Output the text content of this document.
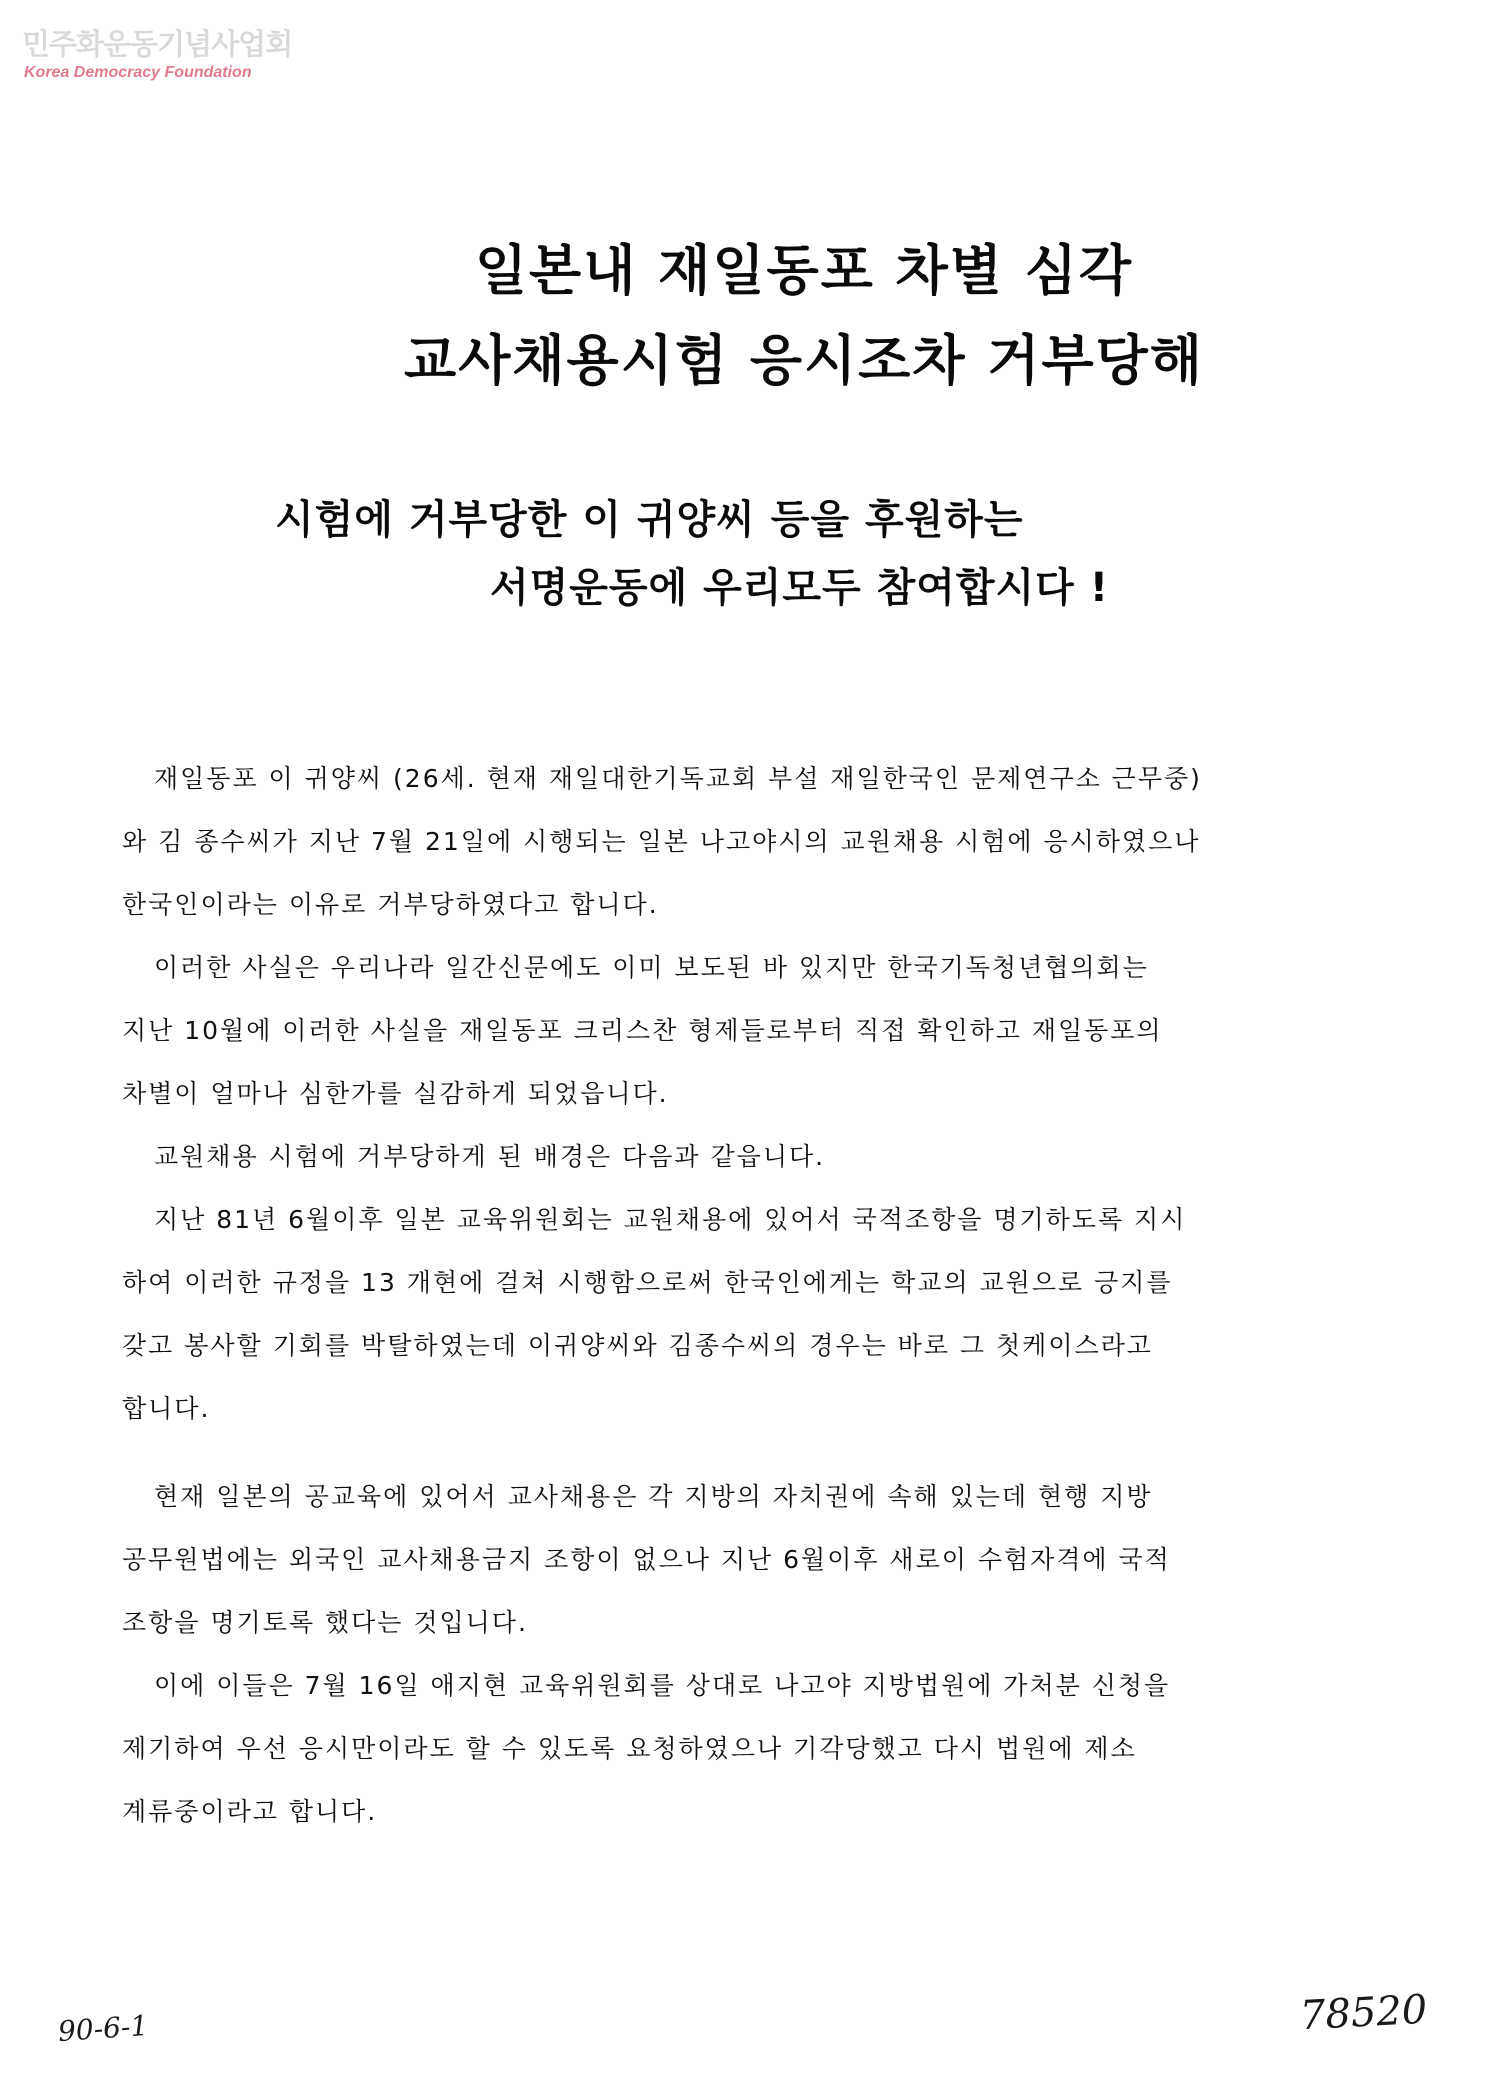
민주화운동기념사업회
Korea Democracy Foundation
일본내 재일동포 차별 심각
교사채용시험 응시조차 거부당해
시험에 거부당한 이 귀양씨 등을 후원하는
서명운동에 우리모두 참여합시다 !
재일동포 이 귀양씨 (26세. 현재 재일대한기독교회 부설 재일한국인 문제연구소 근무중)
와 김 종수씨가 지난 7월 21일에 시행되는 일본 나고야시의 교원채용 시험에 응시하였으나
한국인이라는 이유로 거부당하였다고 합니다.
이러한 사실은 우리나라 일간신문에도 이미 보도된 바 있지만 한국기독청년협의회는
지난 10월에 이러한 사실을 재일동포 크리스찬 형제들로부터 직접 확인하고 재일동포의
차별이 얼마나 심한가를 실감하게 되었읍니다.
교원채용 시험에 거부당하게 된 배경은 다음과 같읍니다.
지난 81년 6월이후 일본 교육위원회는 교원채용에 있어서 국적조항을 명기하도록 지시
하여 이러한 규정을 13 개현에 걸쳐 시행함으로써 한국인에게는 학교의 교원으로 긍지를
갖고 봉사할 기회를 박탈하였는데 이귀양씨와 김종수씨의 경우는 바로 그 첫케이스라고
합니다.
현재 일본의 공교육에 있어서 교사채용은 각 지방의 자치권에 속해 있는데 현행 지방
공무원법에는 외국인 교사채용금지 조항이 없으나 지난 6월이후 새로이 수험자격에 국적
조항을 명기토록 했다는 것입니다.
이에 이들은 7월 16일 애지현 교육위원회를 상대로 나고야 지방법원에 가처분 신청을
제기하여 우선 응시만이라도 할 수 있도록 요청하였으나 기각당했고 다시 법원에 제소
계류중이라고 합니다.
90-6-1	78520
